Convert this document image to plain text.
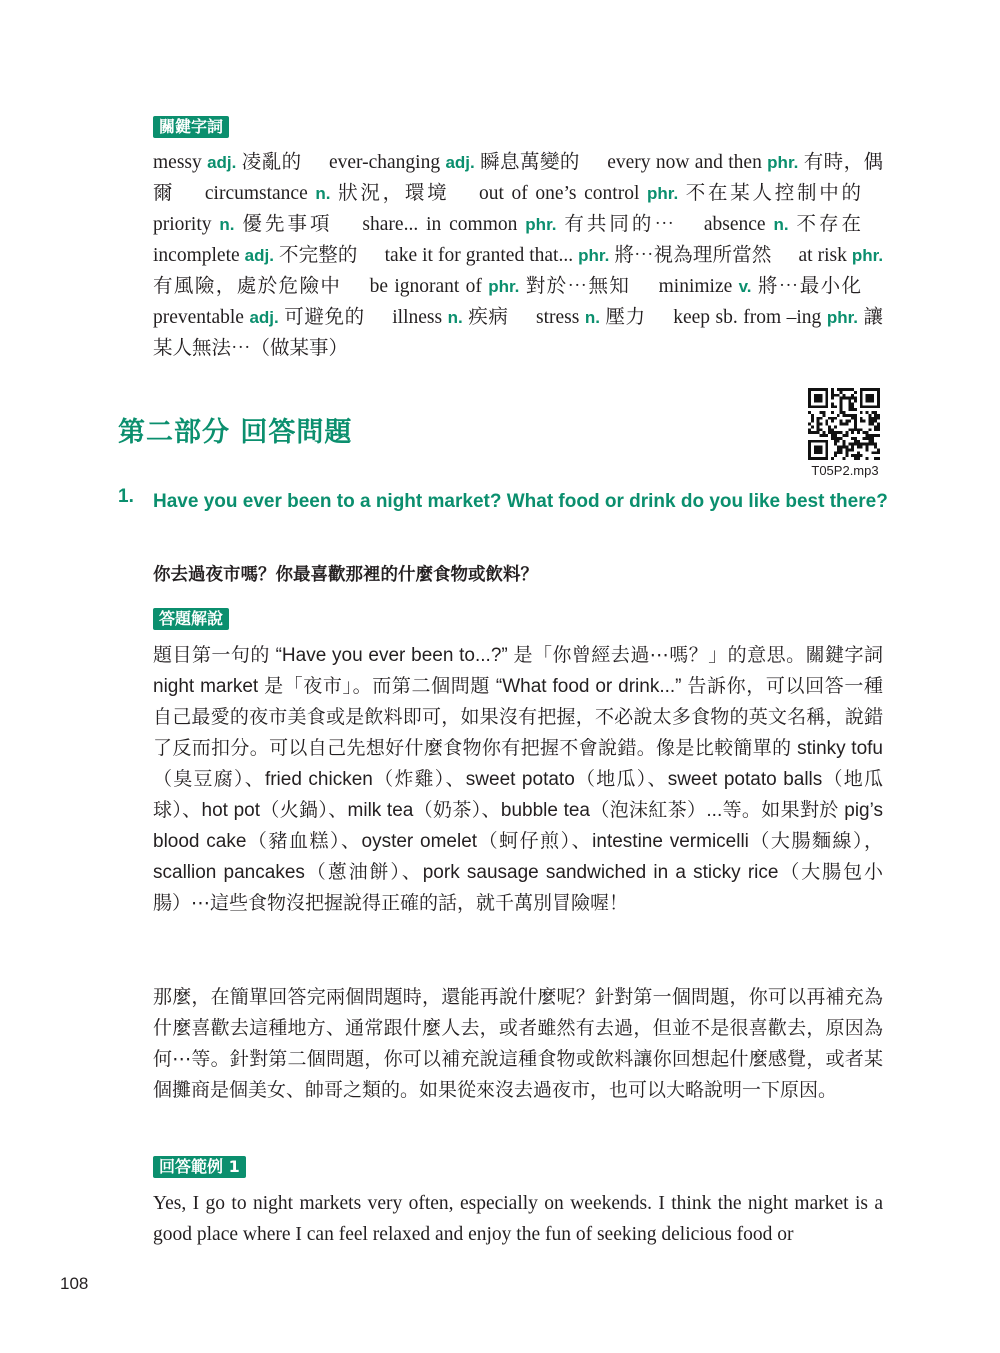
關鍵字詞
messy adj. 凌亂的 ever-changing adj. 瞬息萬變的 every now and then phr. 有時，偶爾 circumstance n. 狀況，環境 out of one’s control phr. 不在某人控制中的 priority n. 優先事項 share... in common phr. 有共同的⋯ absence n. 不存在 incomplete adj. 不完整的 take it for granted that... phr. 將⋯視為理所當然 at risk phr. 有風險，處於危險中 be ignorant of phr. 對於⋯無知 minimize v. 將⋯最小化 preventable adj. 可避免的 illness n. 疾病 stress n. 壓力 keep sb. from –ing phr. 讓某人無法⋯（做某事）
第二部分 回答問題
T05P2.mp3
1. Have you ever been to a night market? What food or drink do you like best there?
你去過夜市嗎？你最喜歡那裡的什麼食物或飲料？
答題解說
題目第一句的 “Have you ever been to...?” 是「你曾經去過⋯嗎？」的意思。關鍵字詞 night market 是「夜市」。而第二個問題 “What food or drink...” 告訴你，可以回答一種自己最愛的夜市美食或是飲料即可，如果沒有把握，不必說太多食物的英文名稱，說錯了反而扣分。可以自己先想好什麼食物你有把握不會說錯。像是比較簡單的 stinky tofu（臭豆腐）、fried chicken（炸雞）、sweet potato（地瓜）、sweet potato balls（地瓜球）、hot pot（火鍋）、milk tea（奶茶）、bubble tea（泡沫紅茶）...等。如果對於 pig’s blood cake（豬血糕）、oyster omelet（蚵仔煎）、intestine vermicelli（大腸麵線），scallion pancakes（蔥油餅）、pork sausage sandwiched in a sticky rice（大腸包小腸）⋯這些食物沒把握說得正確的話，就千萬別冒險喔！
那麼，在簡單回答完兩個問題時，還能再說什麼呢？針對第一個問題，你可以再補充為什麼喜歡去這種地方、通常跟什麼人去，或者雖然有去過，但並不是很喜歡去，原因為何⋯等。針對第二個問題，你可以補充說這種食物或飲料讓你回想起什麼感覺，或者某個攤商是個美女、帥哥之類的。如果從來沒去過夜市，也可以大略說明一下原因。
回答範例 1
Yes, I go to night markets very often, especially on weekends. I think the night market is a good place where I can feel relaxed and enjoy the fun of seeking delicious food or
108
